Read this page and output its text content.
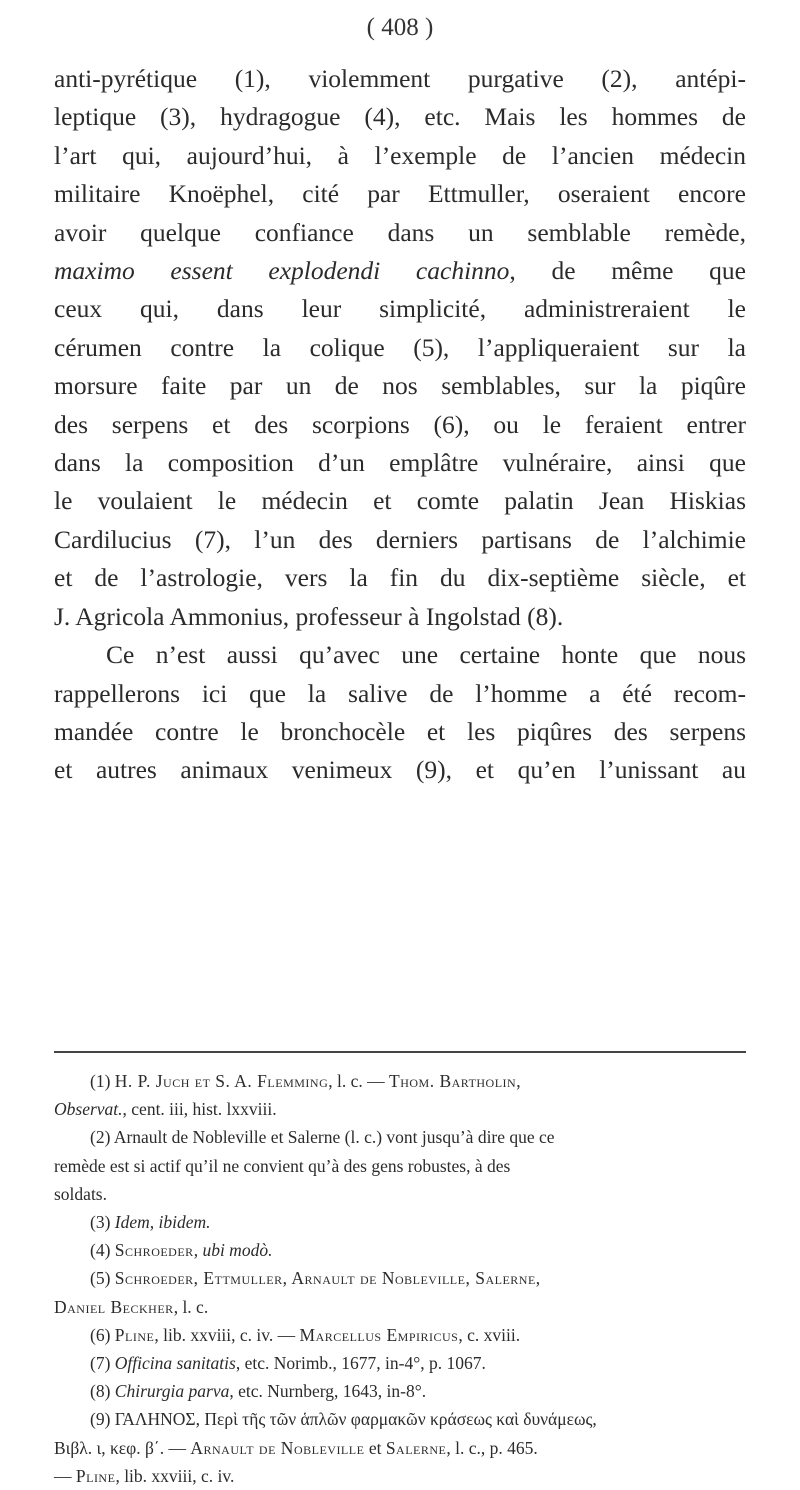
( 408 )
anti-pyrétique (1), violemment purgative (2), antépi-
leptique (3), hydragogue (4), etc. Mais les hommes de
l’art qui, aujourd’hui, à l’exemple de l’ancien médecin
militaire Knoëphel, cité par Ettmuller, oseraient encore
avoir quelque confiance dans un semblable remède,
maximo essent explodendi cachinno, de même que
ceux qui, dans leur simplicité, administreraient le
cérumen contre la colique (5), l’appliqueraient sur la
morsure faite par un de nos semblables, sur la piqûre
des serpens et des scorpions (6), ou le feraient entrer
dans la composition d’un emplâtre vulnéraire, ainsi que
le voulaient le médecin et comte palatin Jean Hiskias
Cardilucius (7), l’un des derniers partisans de l’alchimie
et de l’astrologie, vers la fin du dix-septième siècle, et
J. Agricola Ammonius, professeur à Ingolstad (8).
Ce n’est aussi qu’avec une certaine honte que nous
rappellerons ici que la salive de l’homme a été recom-
mandée contre le bronchocèle et les piqûres des serpens
et autres animaux venimeux (9), et qu’en l’unissant au
(1) H. P. Juch et S. A. Flemming, l. c. — Thom. Bartholin,
Observat., cent. iii, hist. lxxviii.
(2) Arnault de Nobleville et Salerne (l. c.) vont jusqu’à dire que ce
remède est si actif qu’il ne convient qu’à des gens robustes, à des
soldats.
(3) Idem, ibidem.
(4) Schroeder, ubi modò.
(5) Schroeder, Ettmuller, Arnault de Nobleville, Salerne,
Daniel Beckher, l. c.
(6) Pline, lib. xxviii, c. iv. — Marcellus Empiricus, c. xviii.
(7) Officina sanitatis, etc. Norimb., 1677, in-4°, p. 1067.
(8) Chirurgia parva, etc. Nurnberg, 1643, in-8°.
(9) ΓΑΛΗΝΟΣ, Περὶ τῆς τῶν ἁπλῶν φαρμακῶν κράσεως καὶ δυνάμεως,
Βιβλ. ι, κεφ. β΄. — Arnault de Nobleville et Salerne, l. c., p. 465.
— Pline, lib. xxviii, c. iv.
